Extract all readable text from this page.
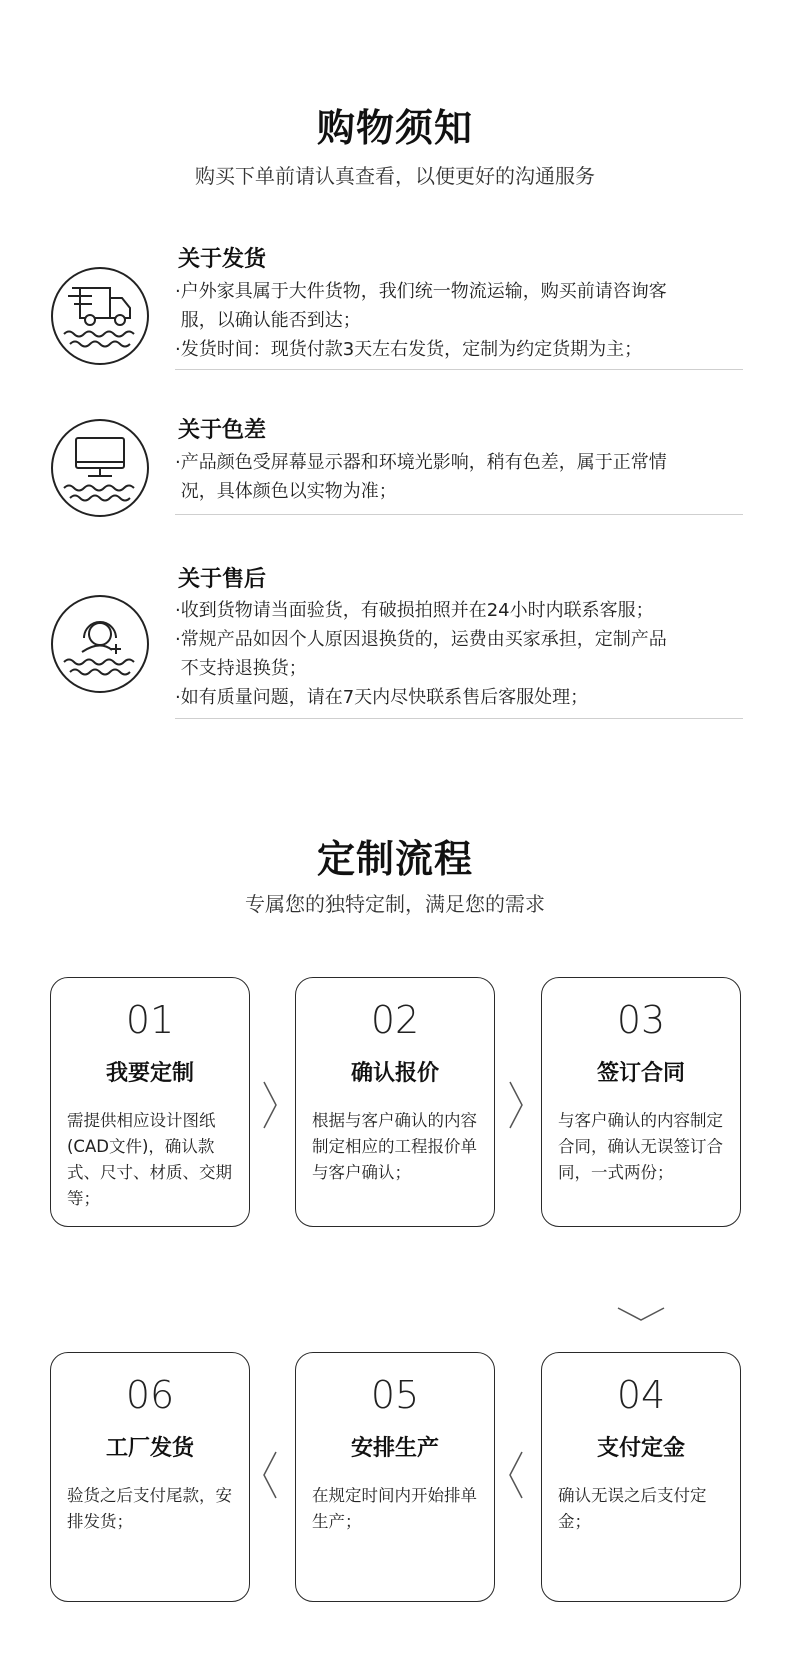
购物须知
购买下单前请认真查看，以便更好的沟通服务
关于发货
·户外家具属于大件货物，我们统一物流运输，购买前请咨询客
服，以确认能否到达；
·发货时间：现货付款3天左右发货，定制为约定货期为主；
关于色差
·产品颜色受屏幕显示器和环境光影响，稍有色差，属于正常情
况，具体颜色以实物为准；
关于售后
·收到货物请当面验货，有破损拍照并在24小时内联系客服；
·常规产品如因个人原因退换货的，运费由买家承担，定制产品
不支持退换货；
·如有质量问题，请在7天内尽快联系售后客服处理；
定制流程
专属您的独特定制，满足您的需求
01
我要定制
需提供相应设计图纸(CAD文件)，确认款式、尺寸、材质、交期等；
02
确认报价
根据与客户确认的内容制定相应的工程报价单与客户确认；
03
签订合同
与客户确认的内容制定合同，确认无误签订合同，一式两份；
06
工厂发货
验货之后支付尾款，安排发货；
05
安排生产
在规定时间内开始排单生产；
04
支付定金
确认无误之后支付定金；
